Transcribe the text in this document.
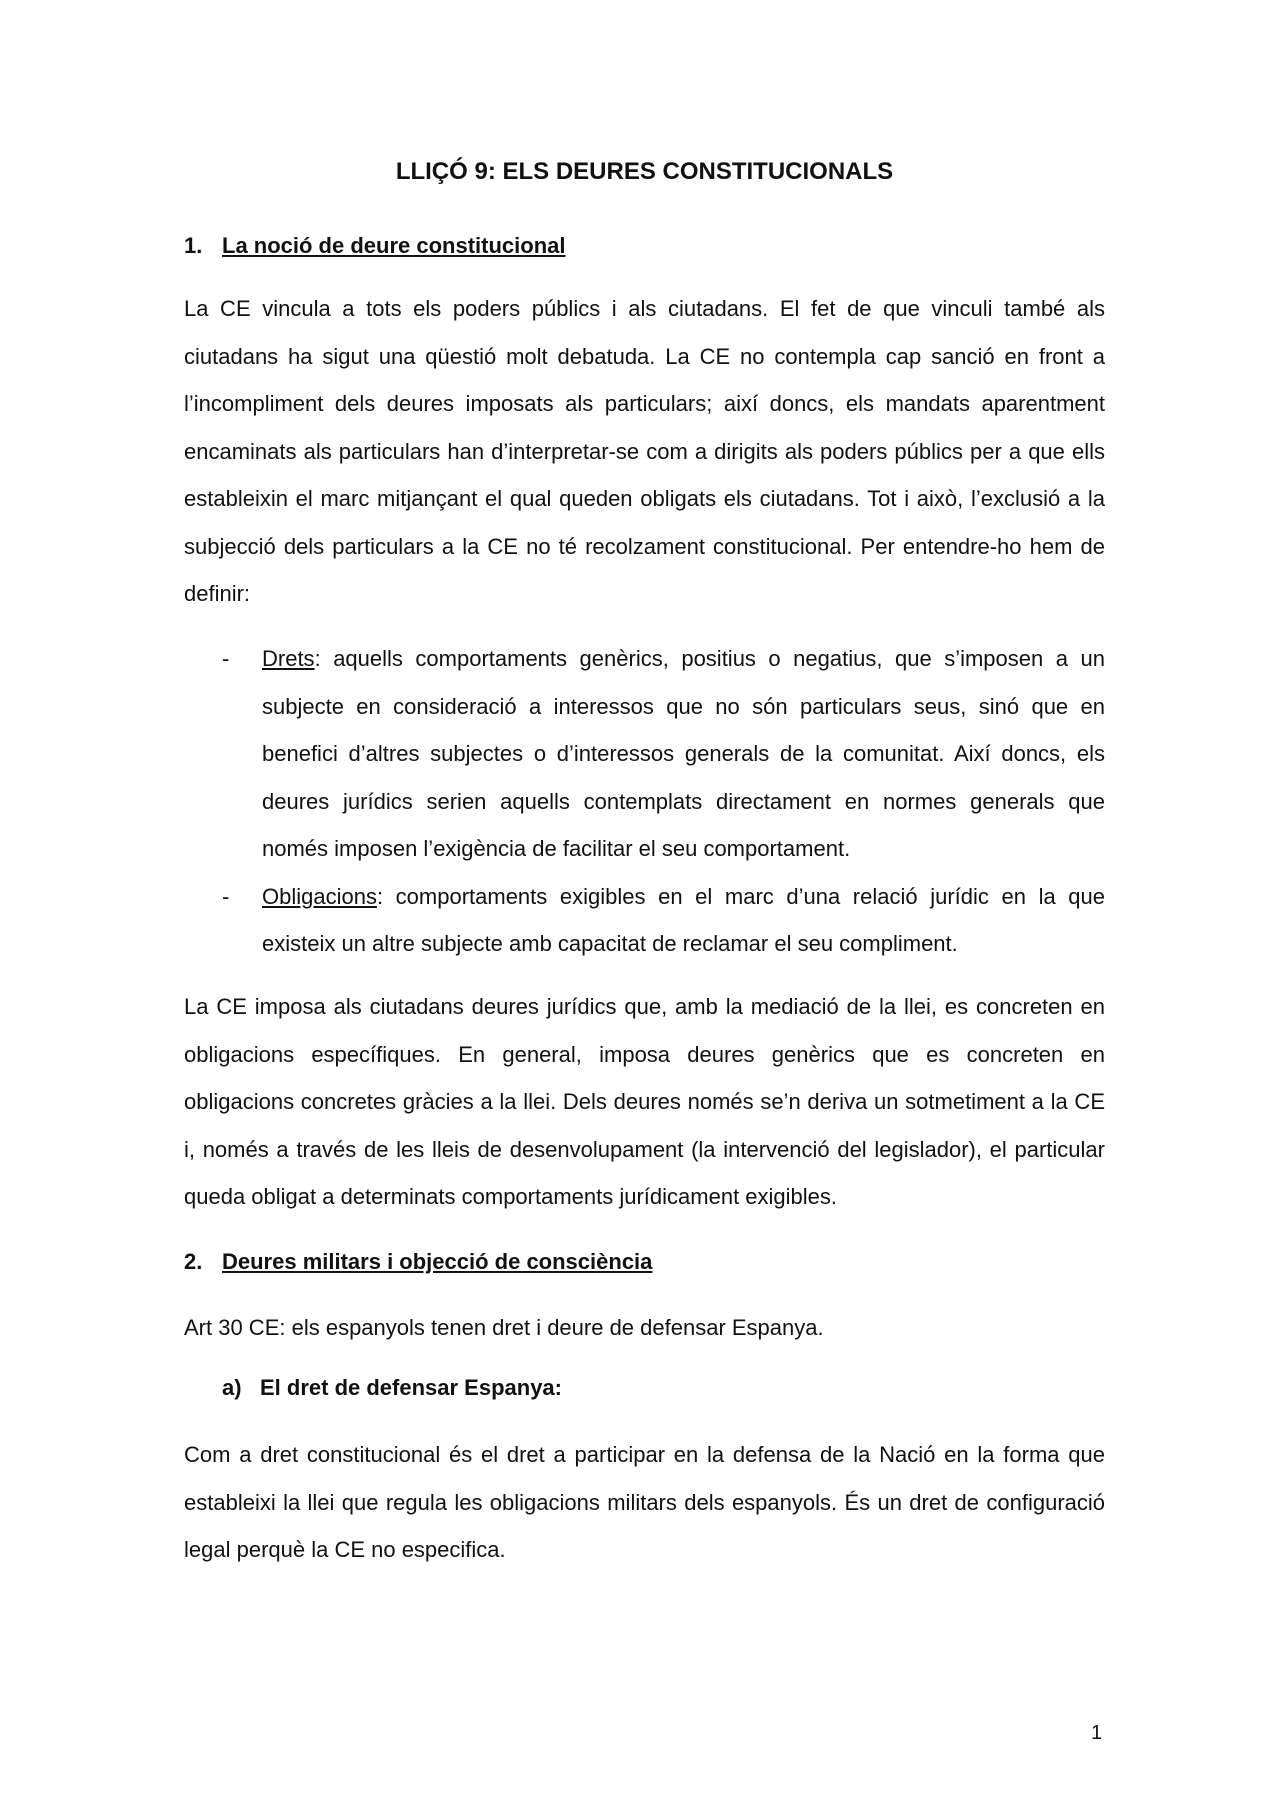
LLIÇÓ 9: ELS DEURES CONSTITUCIONALS
1. La noció de deure constitucional

La CE vincula a tots els poders públics i als ciutadans. El fet de que vinculi també als ciutadans ha sigut una qüestió molt debatuda. La CE no contempla cap sanció en front a l’incompliment dels deures imposats als particulars; així doncs, els mandats aparentment encaminats als particulars han d’interpretar-se com a dirigits als poders públics per a que ells estableixin el marc mitjançant el qual queden obligats els ciutadans. Tot i això, l’exclusió a la subjecció dels particulars a la CE no té recolzament constitucional. Per entendre-ho hem de definir:

- Drets: aquells comportaments genèrics, positius o negatius, que s’imposen a un subjecte en consideració a interessos que no són particulars seus, sinó que en benefici d’altres subjectes o d’interessos generals de la comunitat. Així doncs, els deures jurídics serien aquells contemplats directament en normes generals que només imposen l’exigència de facilitar el seu comportament.
- Obligacions: comportaments exigibles en el marc d’una relació jurídic en la que existeix un altre subjecte amb capacitat de reclamar el seu compliment.

La CE imposa als ciutadans deures jurídics que, amb la mediació de la llei, es concreten en obligacions específiques. En general, imposa deures genèrics que es concreten en obligacions concretes gràcies a la llei. Dels deures només se’n deriva un sotmetiment a la CE i, només a través de les lleis de desenvolupament (la intervenció del legislador), el particular queda obligat a determinats comportaments jurídicament exigibles.

2. Deures militars i objecció de consciència

Art 30 CE: els espanyols tenen dret i deure de defensar Espanya.

a) El dret de defensar Espanya:

Com a dret constitucional és el dret a participar en la defensa de la Nació en la forma que estableixi la llei que regula les obligacions militars dels espanyols. És un dret de configuració legal perquè la CE no especifica.

1
